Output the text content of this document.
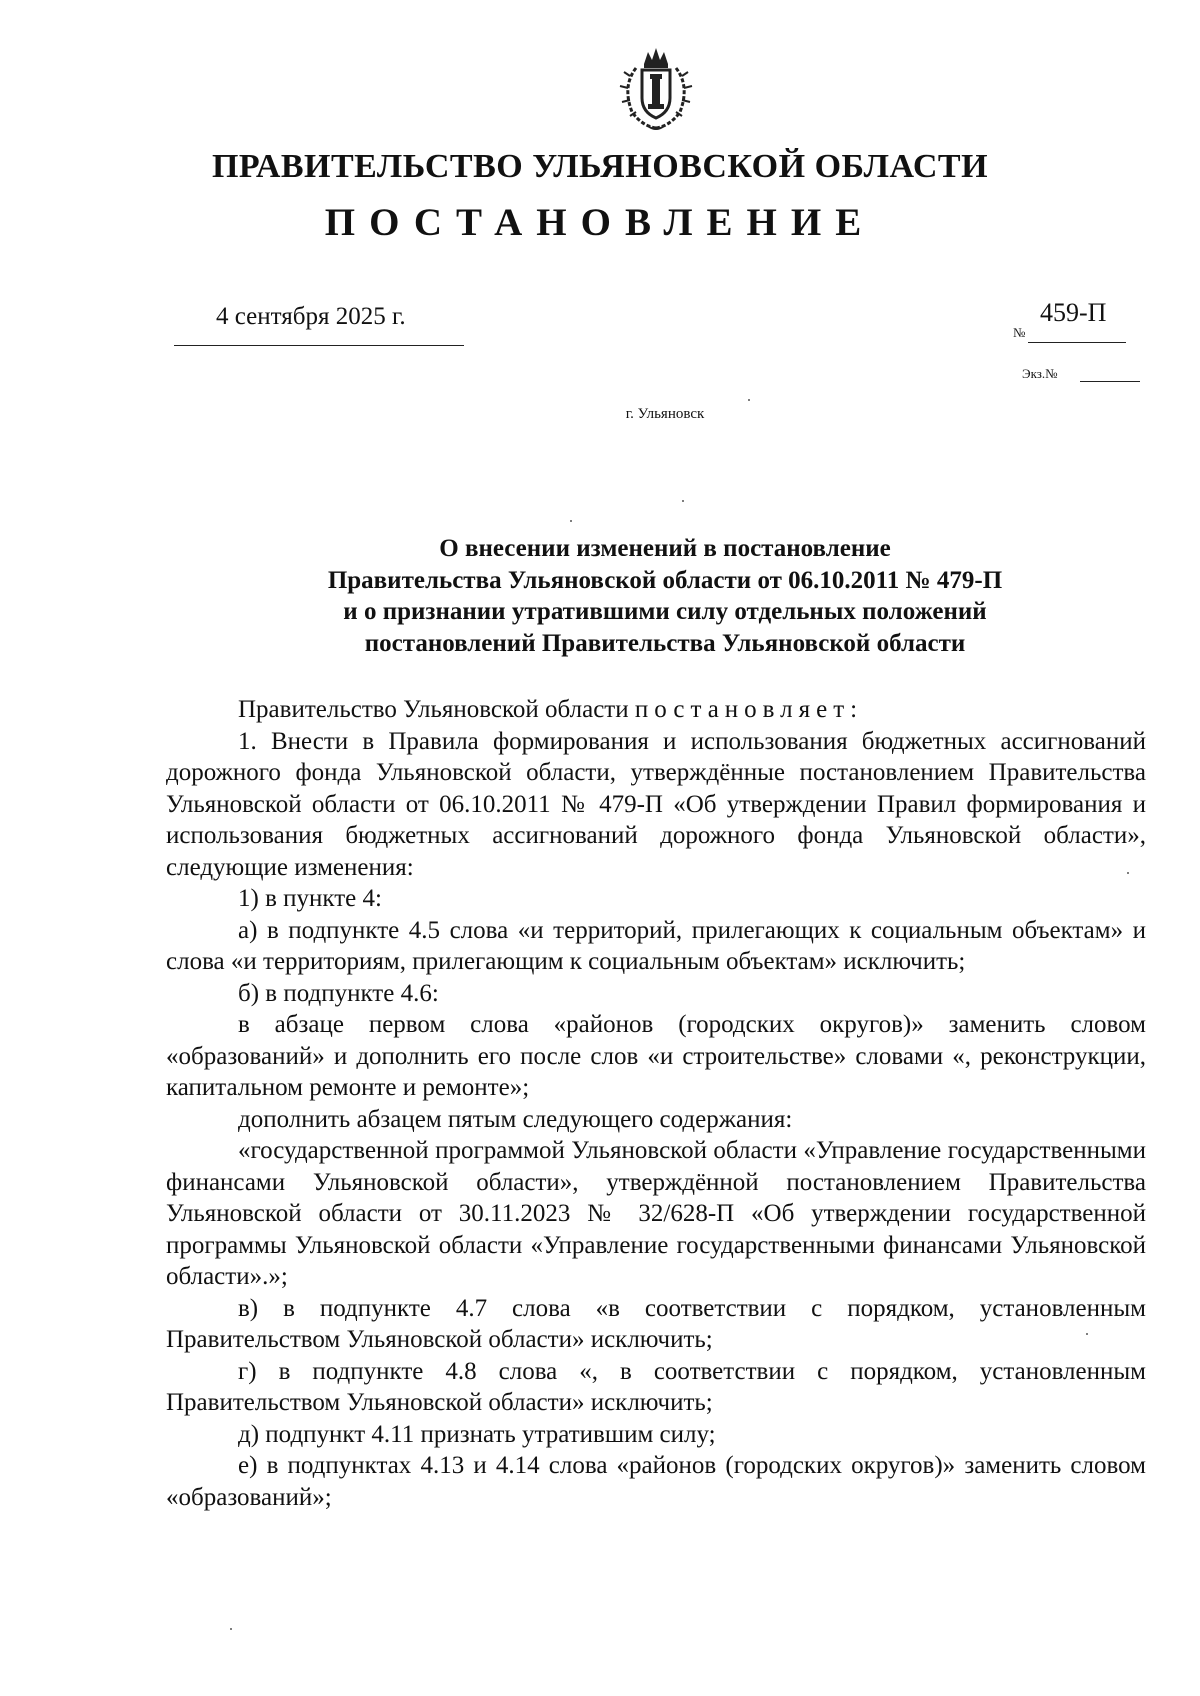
ПРАВИТЕЛЬСТВО УЛЬЯНОВСКОЙ ОБЛАСТИ
ПОСТАНОВЛЕНИЕ
4 сентября 2025 г.
№
459-П
Экз.№
г. Ульяновск
О внесении изменений в постановление
Правительства Ульяновской области от 06.10.2011 № 479-П
и о признании утратившими силу отдельных положений
постановлений Правительства Ульяновской области

Правительство Ульяновской области постановляет:

1. Внести в Правила формирования и использования бюджетных ассигнований дорожного фонда Ульяновской области, утверждённые постановлением Правительства Ульяновской области от 06.10.2011 № 479-П «Об утверждении Правил формирования и использования бюджетных ассигнований дорожного фонда Ульяновской области», следующие изменения:

1) в пункте 4:

а) в подпункте 4.5 слова «и территорий, прилегающих к социальным объектам» и слова «и территориям, прилегающим к социальным объектам» исключить;

б) в подпункте 4.6:

в абзаце первом слова «районов (городских округов)» заменить словом «образований» и дополнить его после слов «и строительстве» словами «, реконструкции, капитальном ремонте и ремонте»;

дополнить абзацем пятым следующего содержания:

«государственной программой Ульяновской области «Управление государственными финансами Ульяновской области», утверждённой постановлением Правительства Ульяновской области от 30.11.2023 № 32/628-П «Об утверждении государственной программы Ульяновской области «Управление государственными финансами Ульяновской области».»;

в) в подпункте 4.7 слова «в соответствии с порядком, установленным Правительством Ульяновской области» исключить;

г) в подпункте 4.8 слова «, в соответствии с порядком, установленным Правительством Ульяновской области» исключить;

д) подпункт 4.11 признать утратившим силу;

е) в подпунктах 4.13 и 4.14 слова «районов (городских округов)» заменить словом «образований»;
